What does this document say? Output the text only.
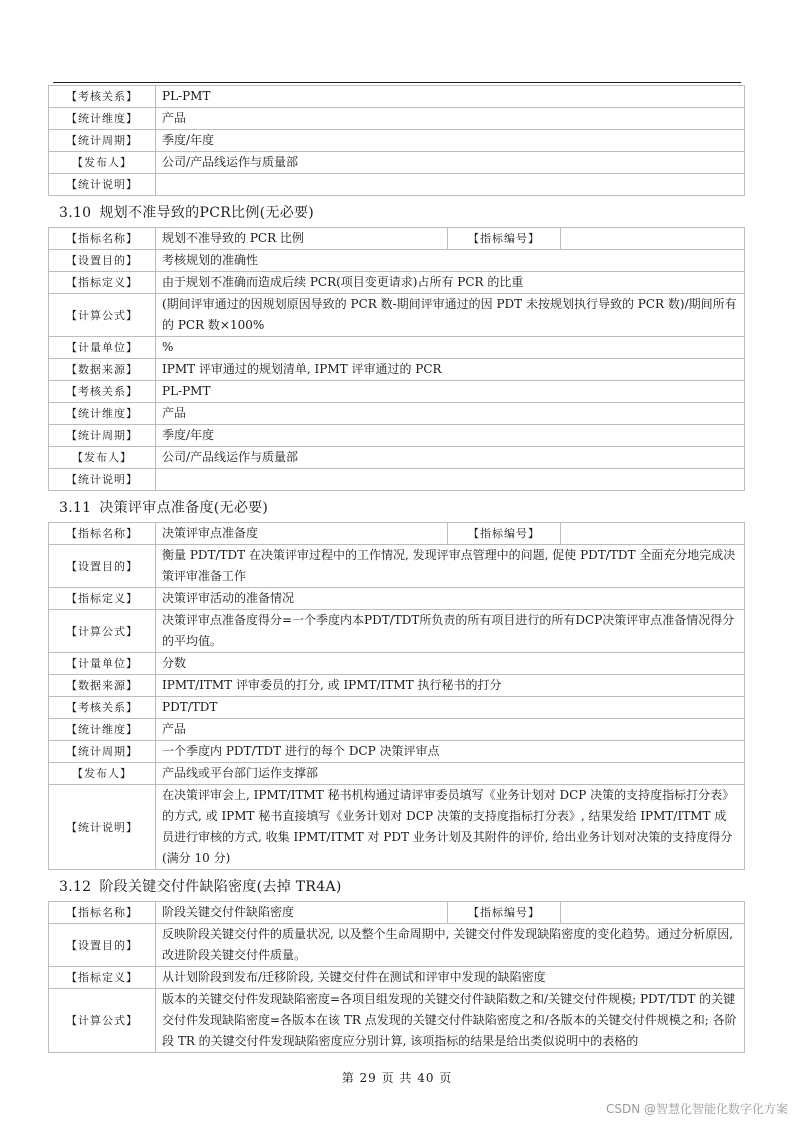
【考核关系】	PL-PMT
【统计维度】	产品
【统计周期】	季度/年度
【发布人】	公司/产品线运作与质量部
【统计说明】	
3.10 规划不准导致的PCR比例(无必要)
【指标名称】	规划不准导致的 PCR 比例	【指标编号】	
【设置目的】	考核规划的准确性		
【指标定义】	由于规划不准确而造成后续 PCR(项目变更请求)占所有 PCR 的比重		
【计算公式】	(期间评审通过的因规划原因导致的 PCR 数-期间评审通过的因 PDT 未按规划执行导致的 PCR 数)/期间所有的 PCR 数×100%		
【计量单位】	%		
【数据来源】	IPMT 评审通过的规划清单, IPMT 评审通过的 PCR		
【考核关系】	PL-PMT		
【统计维度】	产品		
【统计周期】	季度/年度		
【发布人】	公司/产品线运作与质量部		
【统计说明】			
3.11 决策评审点准备度(无必要)
【指标名称】	决策评审点准备度	【指标编号】	
【设置目的】	衡量 PDT/TDT 在决策评审过程中的工作情况, 发现评审点管理中的问题, 促使 PDT/TDT 全面充分地完成决策评审准备工作		
【指标定义】	决策评审活动的准备情况		
【计算公式】	决策评审点准备度得分=一个季度内本PDT/TDT所负责的所有项目进行的所有DCP决策评审点准备情况得分的平均值。		
【计量单位】	分数		
【数据来源】	IPMT/ITMT 评审委员的打分, 或 IPMT/ITMT 执行秘书的打分		
【考核关系】	PDT/TDT		
【统计维度】	产品		
【统计周期】	一个季度内 PDT/TDT 进行的每个 DCP 决策评审点		
【发布人】	产品线或平台部门运作支撑部		
【统计说明】	在决策评审会上, IPMT/ITMT 秘书机构通过请评审委员填写《业务计划对 DCP 决策的支持度指标打分表》的方式, 或 IPMT 秘书直接填写《业务计划对 DCP 决策的支持度指标打分表》, 结果发给 IPMT/ITMT 成员进行审核的方式, 收集 IPMT/ITMT 对 PDT 业务计划及其附件的评价, 给出业务计划对决策的支持度得分(满分 10 分)		
3.12 阶段关键交付件缺陷密度(去掉 TR4A)
【指标名称】	阶段关键交付件缺陷密度	【指标编号】	
【设置目的】	反映阶段关键交付件的质量状况, 以及整个生命周期中, 关键交付件发现缺陷密度的变化趋势。通过分析原因, 改进阶段关键交付件质量。		
【指标定义】	从计划阶段到发布/迁移阶段, 关键交付件在测试和评审中发现的缺陷密度		
【计算公式】	版本的关键交付件发现缺陷密度=各项目组发现的关键交付件缺陷数之和/关键交付件规模; PDT/TDT 的关键交付件发现缺陷密度=各版本在该 TR 点发现的关键交付件缺陷密度之和/各版本的关键交付件规模之和; 各阶段 TR 的关键交付件发现缺陷密度应分别计算, 该项指标的结果是给出类似说明中的表格的		
第 29 页 共 40 页
CSDN @智慧化智能化数字化方案
